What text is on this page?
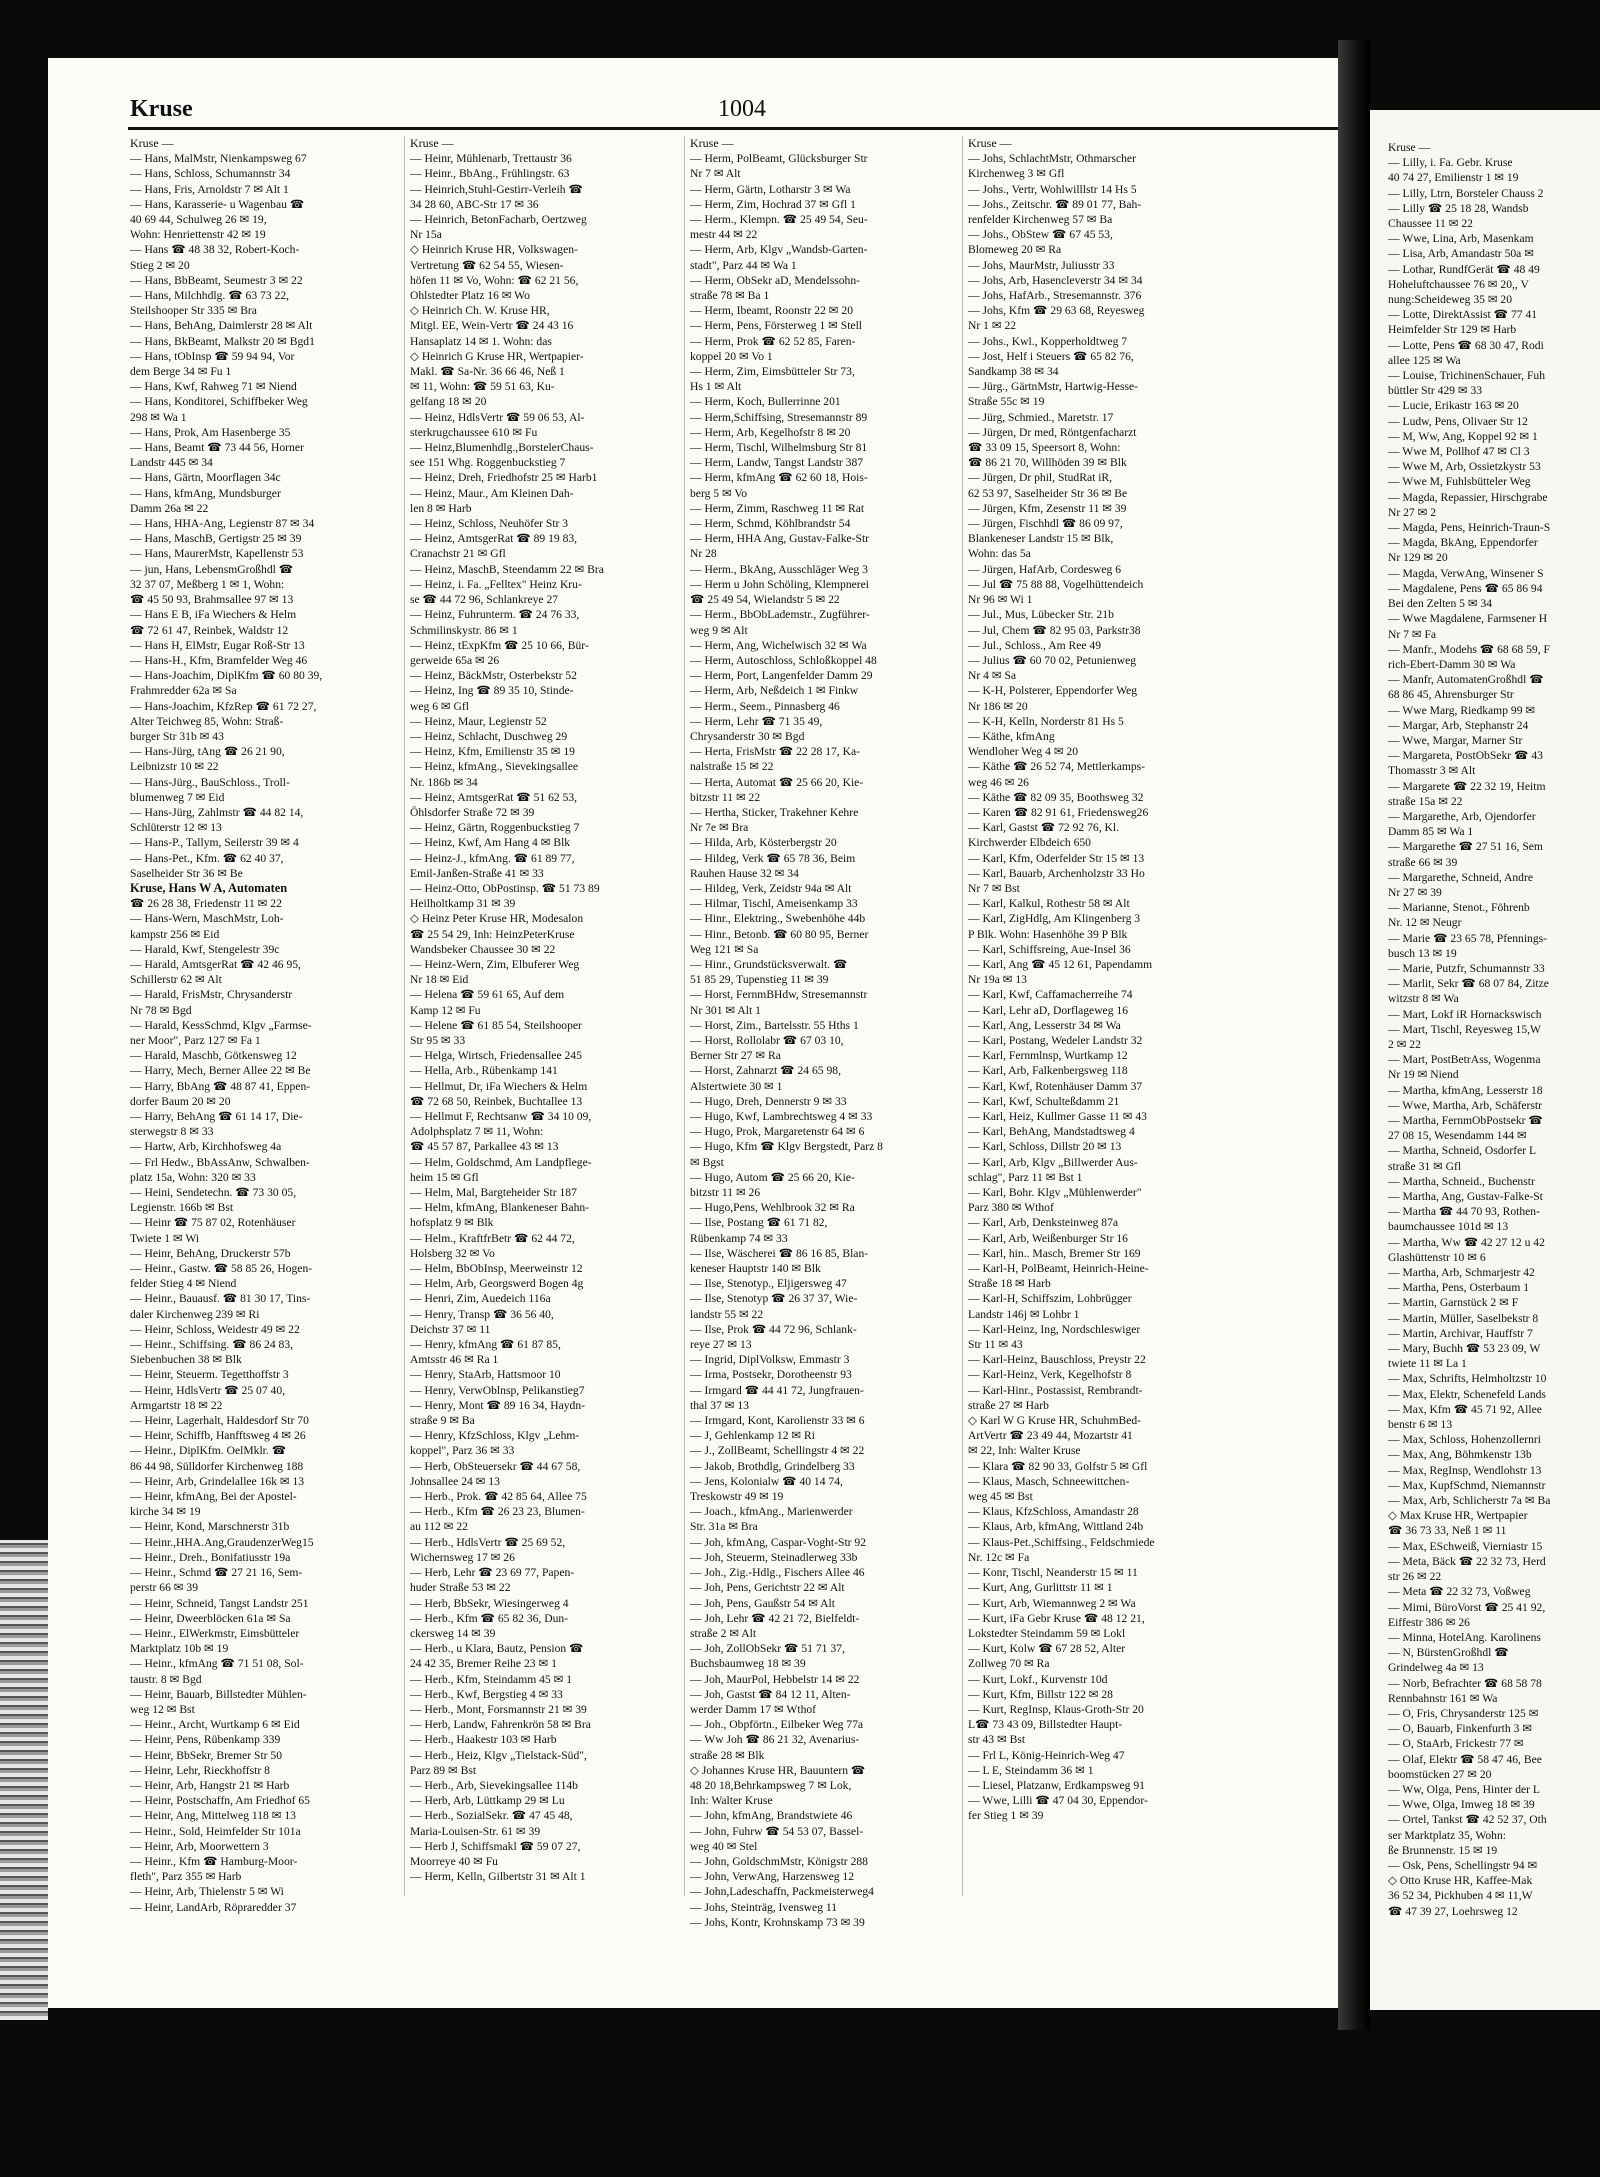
Kruse —
— Lilly, i. Fa. Gebr. Kruse
40 74 27, Emilienstr 1 ✉ 19
— Lilly, Ltrn, Borsteler Chauss 2
— Lilly ☎ 25 18 28, Wandsb
Chaussee 11 ✉ 22
— Wwe, Lina, Arb, Masenkam
— Lisa, Arb, Amandastr 50a ✉
— Lothar, RundfGerät ☎ 48 49
Hoheluftchaussee 76 ✉ 20,, V
nung:Scheideweg 35 ✉ 20
— Lotte, DirektAssist ☎ 77 41
Heimfelder Str 129 ✉ Harb
— Lotte, Pens ☎ 68 30 47, Rodi
allee 125 ✉ Wa
— Louise, TrichinenSchauer, Fuh
büttler Str 429 ✉ 33
— Lucie, Erikastr 163 ✉ 20
— Ludw, Pens, Olivaer Str 12
— M, Ww, Ang, Koppel 92 ✉ 1
— Wwe M, Pollhof 47 ✉ Cl 3
— Wwe M, Arb, Ossietzkystr 53
— Wwe M, Fuhlsbütteler Weg
— Magda, Repassier, Hirschgrabe
Nr 27 ✉ 2
— Magda, Pens, Heinrich-Traun-S
— Magda, BkAng, Eppendorfer
Nr 129 ✉ 20
— Magda, VerwAng, Winsener S
— Magdalene, Pens ☎ 65 86 94
Bei den Zelten 5 ✉ 34
— Wwe Magdalene, Farmsener H
Nr 7 ✉ Fa
— Manfr., Modehs ☎ 68 68 59, F
rich-Ebert-Damm 30 ✉ Wa
— Manfr, AutomatenGroßhdl ☎
68 86 45, Ahrensburger Str
— Wwe Marg, Riedkamp 99 ✉
— Margar, Arb, Stephanstr 24
— Wwe, Margar, Marner Str
— Margareta, PostObSekr ☎ 43
Thomasstr 3 ✉ Alt
— Margarete ☎ 22 32 19, Heitm
straße 15a ✉ 22
— Margarethe, Arb, Ojendorfer
Damm 85 ✉ Wa 1
— Margarethe ☎ 27 51 16, Sem
straße 66 ✉ 39
— Margarethe, Schneid, Andre
Nr 27 ✉ 39
— Marianne, Stenot., Föhrenb
Nr. 12 ✉ Neugr
— Marie ☎ 23 65 78, Pfennings-
busch 13 ✉ 19
— Marie, Putzfr, Schumannstr 33
— Marlit, Sekr ☎ 68 07 84, Zitze
witzstr 8 ✉ Wa
— Mart, Lokf iR Hornackswisch
— Mart, Tischl, Reyesweg 15,W
2 ✉ 22
— Mart, PostBetrAss, Wogenma
Nr 19 ✉ Niend
— Martha, kfmAng, Lesserstr 18
— Wwe, Martha, Arb, Schäferstr
— Martha, FernmObPostsekr ☎
27 08 15, Wesendamm 144 ✉
— Martha, Schneid, Osdorfer L
straße 31 ✉ Gfl
— Martha, Schneid., Buchenstr
— Martha, Ang, Gustav-Falke-St
— Martha ☎ 44 70 93, Rothen-
baumchaussee 101d ✉ 13
— Martha, Ww ☎ 42 27 12 u 42
Glashüttenstr 10 ✉ 6
— Martha, Arb, Schmarjestr 42
— Martha, Pens, Osterbaum 1
— Martin, Garnstück 2 ✉ F
— Martin, Müller, Saselbekstr 8
— Martin, Archivar, Hauffstr 7
— Mary, Buchh ☎ 53 23 09, W
twiete 11 ✉ La 1
— Max, Schrifts, Helmholtzstr 10
— Max, Elektr, Schenefeld Lands
— Max, Kfm ☎ 45 71 92, Allee
benstr 6 ✉ 13
— Max, Schloss, Hohenzollernri
— Max, Ang, Böhmkenstr 13b
— Max, RegInsp, Wendlohstr 13
— Max, KupfSchmd, Niemannstr
— Max, Arb, Schlicherstr 7a ✉ Ba
◇ Max Kruse HR, Wertpapier
☎ 36 73 33, Neß 1 ✉ 11
— Max, ESchweiß, Vierniastr 15
— Meta, Bäck ☎ 22 32 73, Herd
str 26 ✉ 22
— Meta ☎ 22 32 73, Voßweg
— Mimi, BüroVorst ☎ 25 41 92,
Eiffestr 386 ✉ 26
— Minna, HotelAng. Karolinens
— N, BürstenGroßhdl ☎
Grindelweg 4a ✉ 13
— Norb, Befrachter ☎ 68 58 78
Rennbahnstr 161 ✉ Wa
— O, Fris, Chrysanderstr 125 ✉
— O, Bauarb, Finkenfurth 3 ✉
— O, StaArb, Frickestr 77 ✉
— Olaf, Elektr ☎ 58 47 46, Bee
boomstücken 27 ✉ 20
— Ww, Olga, Pens, Hinter der L
— Wwe, Olga, Imweg 18 ✉ 39
— Ortel, Tankst ☎ 42 52 37, Oth
ser Marktplatz 35, Wohn:
ße Brunnenstr. 15 ✉ 19
— Osk, Pens, Schellingstr 94 ✉
◇ Otto Kruse HR, Kaffee-Mak
36 52 34, Pickhuben 4 ✉ 11,W
☎ 47 39 27, Loehrsweg 12
Kruse	1004
Kruse —
— Hans, MalMstr, Nienkampsweg 67
— Hans, Schloss, Schumannstr 34
— Hans, Fris, Arnoldstr 7 ✉ Alt 1
— Hans, Karasserie- u Wagenbau ☎
40 69 44, Schulweg 26 ✉ 19,
Wohn: Henriettenstr 42 ✉ 19
— Hans ☎ 48 38 32, Robert-Koch-
Stieg 2 ✉ 20
— Hans, BbBeamt, Seumestr 3 ✉ 22
— Hans, Milchhdlg. ☎ 63 73 22,
Steilshooper Str 335 ✉ Bra
— Hans, BehAng, Daimlerstr 28 ✉ Alt
— Hans, BkBeamt, Malkstr 20 ✉ Bgd1
— Hans, tObInsp ☎ 59 94 94, Vor
dem Berge 34 ✉ Fu 1
— Hans, Kwf, Rahweg 71 ✉ Niend
— Hans, Konditorei, Schiffbeker Weg
298 ✉ Wa 1
— Hans, Prok, Am Hasenberge 35
— Hans, Beamt ☎ 73 44 56, Horner
Landstr 445 ✉ 34
— Hans, Gärtn, Moorflagen 34c
— Hans, kfmAng, Mundsburger
Damm 26a ✉ 22
— Hans, HHA-Ang, Legienstr 87 ✉ 34
— Hans, MaschB, Gertigstr 25 ✉ 39
— Hans, MaurerMstr, Kapellenstr 53
— jun, Hans, LebensmGroßhdl ☎
32 37 07, Meßberg 1 ✉ 1, Wohn:
☎ 45 50 93, Brahmsallee 97 ✉ 13
— Hans E B, iFa Wiechers & Helm
☎ 72 61 47, Reinbek, Waldstr 12
— Hans H, ElMstr, Eugar Roß-Str 13
— Hans-H., Kfm, Bramfelder Weg 46
— Hans-Joachim, DiplKfm ☎ 60 80 39,
Frahmredder 62a ✉ Sa
— Hans-Joachim, KfzRep ☎ 61 72 27,
Alter Teichweg 85, Wohn: Straß-
burger Str 31b ✉ 43
— Hans-Jürg, tAng ☎ 26 21 90,
Leibnizstr 10 ✉ 22
— Hans-Jürg., BauSchloss., Troll-
blumenweg 7 ✉ Eid
— Hans-Jürg, Zahlmstr ☎ 44 82 14,
Schlüterstr 12 ✉ 13
— Hans-P., Tallym, Seilerstr 39 ✉ 4
— Hans-Pet., Kfm. ☎ 62 40 37,
Saselheider Str 36 ✉ Be
Kruse, Hans W A, Automaten
☎ 26 28 38, Friedenstr 11 ✉ 22
— Hans-Wern, MaschMstr, Loh-
kampstr 256 ✉ Eid
— Harald, Kwf, Stengelestr 39c
— Harald, AmtsgerRat ☎ 42 46 95,
Schillerstr 62 ✉ Alt
— Harald, FrisMstr, Chrysanderstr
Nr 78 ✉ Bgd
— Harald, KessSchmd, Klgv „Farmse-
ner Moor", Parz 127 ✉ Fa 1
— Harald, Maschb, Götkensweg 12
— Harry, Mech, Berner Allee 22 ✉ Be
— Harry, BbAng ☎ 48 87 41, Eppen-
dorfer Baum 20 ✉ 20
— Harry, BehAng ☎ 61 14 17, Die-
sterwegstr 8 ✉ 33
— Hartw, Arb, Kirchhofsweg 4a
— Frl Hedw., BbAssAnw, Schwalben-
platz 15a, Wohn: 320 ✉ 33
— Heini, Sendetechn. ☎ 73 30 05,
Legienstr. 166b ✉ Bst
— Heinr ☎ 75 87 02, Rotenhäuser
Twiete 1 ✉ Wi
— Heinr, BehAng, Druckerstr 57b
— Heinr., Gastw. ☎ 58 85 26, Hogen-
felder Stieg 4 ✉ Niend
— Heinr., Bauausf. ☎ 81 30 17, Tins-
daler Kirchenweg 239 ✉ Ri
— Heinr, Schloss, Weidestr 49 ✉ 22
— Heinr., Schiffsing. ☎ 86 24 83,
Siebenbuchen 38 ✉ Blk
— Heinr, Steuerm. Tegetthoffstr 3
— Heinr, HdlsVertr ☎ 25 07 40,
Armgartstr 18 ✉ 22
— Heinr, Lagerhalt, Haldesdorf Str 70
— Heinr, Schiffb, Hanfftsweg 4 ✉ 26
— Heinr., DiplKfm. OelMklr. ☎
86 44 98, Sülldorfer Kirchenweg 188
— Heinr, Arb, Grindelallee 16k ✉ 13
— Heinr, kfmAng, Bei der Apostel-
kirche 34 ✉ 19
— Heinr, Kond, Marschnerstr 31b
— Heinr.,HHA.Ang,GraudenzerWeg15
— Heinr., Dreh., Bonifatiusstr 19a
— Heinr., Schmd ☎ 27 21 16, Sem-
perstr 66 ✉ 39
— Heinr, Schneid, Tangst Landstr 251
— Heinr, Dweerblöcken 61a ✉ Sa
— Heinr., ElWerkmstr, Eimsbütteler
Marktplatz 10b ✉ 19
— Heinr., kfmAng ☎ 71 51 08, Sol-
taustr. 8 ✉ Bgd
— Heinr, Bauarb, Billstedter Mühlen-
weg 12 ✉ Bst
— Heinr., Archt, Wurtkamp 6 ✉ Eid
— Heinr, Pens, Rübenkamp 339
— Heinr, BbSekr, Bremer Str 50
— Heinr, Lehr, Rieckhoffstr 8
— Heinr, Arb, Hangstr 21 ✉ Harb
— Heinr, Postschaffn, Am Friedhof 65
— Heinr, Ang, Mittelweg 118 ✉ 13
— Heinr., Sold, Heimfelder Str 101a
— Heinr, Arb, Moorwettern 3
— Heinr., Kfm ☎ Hamburg-Moor-
fleth", Parz 355 ✉ Harb
— Heinr, Arb, Thielenstr 5 ✉ Wi
— Heinr, LandArb, Röpraredder 37
Kruse —
— Heinr, Mühlenarb, Trettaustr 36
— Heinr., BbAng., Frühlingstr. 63
— Heinrich,Stuhl-Gestirr-Verleih ☎
34 28 60, ABC-Str 17 ✉ 36
— Heinrich, BetonFacharb, Oertzweg
Nr 15a
◇ Heinrich Kruse HR, Volkswagen-
Vertretung ☎ 62 54 55, Wiesen-
höfen 11 ✉ Vo, Wohn: ☎ 62 21 56,
Ohlstedter Platz 16 ✉ Wo
◇ Heinrich Ch. W. Kruse HR,
Mitgl. EE, Wein-Vertr ☎ 24 43 16
Hansaplatz 14 ✉ 1. Wohn: das
◇ Heinrich G Kruse HR, Wertpapier-
Makl. ☎ Sa-Nr. 36 66 46, Neß 1
✉ 11, Wohn: ☎ 59 51 63, Ku-
gelfang 18 ✉ 20
— Heinz, HdlsVertr ☎ 59 06 53, Al-
sterkrugchaussee 610 ✉ Fu
— Heinz,Blumenhdlg.,BorstelerChaus-
see 151 Whg. Roggenbuckstieg 7
— Heinz, Dreh, Friedhofstr 25 ✉ Harb1
— Heinz, Maur., Am Kleinen Dah-
len 8 ✉ Harb
— Heinz, Schloss, Neuhöfer Str 3
— Heinz, AmtsgerRat ☎ 89 19 83,
Cranachstr 21 ✉ Gfl
— Heinz, MaschB, Steendamm 22 ✉ Bra
— Heinz, i. Fa. „Felltex" Heinz Kru-
se ☎ 44 72 96, Schlankreye 27
— Heinz, Fuhrunterm. ☎ 24 76 33,
Schmilinskystr. 86 ✉ 1
— Heinz, tExpKfm ☎ 25 10 66, Bür-
gerweide 65a ✉ 26
— Heinz, BäckMstr, Osterbekstr 52
— Heinz, Ing ☎ 89 35 10, Stinde-
weg 6 ✉ Gfl
— Heinz, Maur, Legienstr 52
— Heinz, Schlacht, Duschweg 29
— Heinz, Kfm, Emilienstr 35 ✉ 19
— Heinz, kfmAng., Sievekingsallee
Nr. 186b ✉ 34
— Heinz, AmtsgerRat ☎ 51 62 53,
Öhlsdorfer Straße 72 ✉ 39
— Heinz, Gärtn, Roggenbuckstieg 7
— Heinz, Kwf, Am Hang 4 ✉ Blk
— Heinz-J., kfmAng. ☎ 61 89 77,
Emil-Janßen-Straße 41 ✉ 33
— Heinz-Otto, ObPostinsp. ☎ 51 73 89
Heilholtkamp 31 ✉ 39
◇ Heinz Peter Kruse HR, Modesalon
☎ 25 54 29, Inh: HeinzPeterKruse
Wandsbeker Chaussee 30 ✉ 22
— Heinz-Wern, Zim, Elbuferer Weg
Nr 18 ✉ Eid
— Helena ☎ 59 61 65, Auf dem
Kamp 12 ✉ Fu
— Helene ☎ 61 85 54, Steilshooper
Str 95 ✉ 33
— Helga, Wirtsch, Friedensallee 245
— Hella, Arb., Rübenkamp 141
— Hellmut, Dr, iFa Wiechers & Helm
☎ 72 68 50, Reinbek, Buchtallee 13
— Hellmut F, Rechtsanw ☎ 34 10 09,
Adolphsplatz 7 ✉ 11, Wohn:
☎ 45 57 87, Parkallee 43 ✉ 13
— Helm, Goldschmd, Am Landpflege-
heim 15 ✉ Gfl
— Helm, Mal, Bargteheider Str 187
— Helm, kfmAng, Blankeneser Bahn-
hofsplatz 9 ✉ Blk
— Helm., KraftfrBetr ☎ 62 44 72,
Holsberg 32 ✉ Vo
— Helm, BbObInsp, Meerweinstr 12
— Helm, Arb, Georgswerd Bogen 4g
— Henri, Zim, Auedeich 116a
— Henry, Transp ☎ 36 56 40,
Deichstr 37 ✉ 11
— Henry, kfmAng ☎ 61 87 85,
Amtsstr 46 ✉ Ra 1
— Henry, StaArb, Hattsmoor 10
— Henry, VerwOblnsp, Pelikanstieg7
— Henry, Mont ☎ 89 16 34, Haydn-
straße 9 ✉ Ba
— Henry, KfzSchloss, Klgv „Lehm-
koppel", Parz 36 ✉ 33
— Herb, ObSteuersekr ☎ 44 67 58,
Johnsallee 24 ✉ 13
— Herb., Prok. ☎ 42 85 64, Allee 75
— Herb., Kfm ☎ 26 23 23, Blumen-
au 112 ✉ 22
— Herb., HdlsVertr ☎ 25 69 52,
Wichernsweg 17 ✉ 26
— Herb, Lehr ☎ 23 69 77, Papen-
huder Straße 53 ✉ 22
— Herb, BbSekr, Wiesingerweg 4
— Herb., Kfm ☎ 65 82 36, Dun-
ckersweg 14 ✉ 39
— Herb., u Klara, Bautz, Pension ☎
24 42 35, Bremer Reihe 23 ✉ 1
— Herb., Kfm, Steindamm 45 ✉ 1
— Herb., Kwf, Bergstieg 4 ✉ 33
— Herb., Mont, Forsmannstr 21 ✉ 39
— Herb, Landw, Fahrenkrön 58 ✉ Bra
— Herb., Haakestr 103 ✉ Harb
— Herb., Heiz, Klgv „Tielstack-Süd",
Parz 89 ✉ Bst
— Herb., Arb, Sievekingsallee 114b
— Herb, Arb, Lüttkamp 29 ✉ Lu
— Herb., SozialSekr. ☎ 47 45 48,
Maria-Louisen-Str. 61 ✉ 39
— Herb J, Schiffsmakl ☎ 59 07 27,
Moorreye 40 ✉ Fu
— Herm, Kelln, Gilbertstr 31 ✉ Alt 1
Kruse —
— Herm, PolBeamt, Glücksburger Str
Nr 7 ✉ Alt
— Herm, Gärtn, Lotharstr 3 ✉ Wa
— Herm, Zim, Hochrad 37 ✉ Gfl 1
— Herm., Klempn. ☎ 25 49 54, Seu-
mestr 44 ✉ 22
— Herm, Arb, Klgv „Wandsb-Garten-
stadt", Parz 44 ✉ Wa 1
— Herm, ObSekr aD, Mendelssohn-
straße 78 ✉ Ba 1
— Herm, Ibeamt, Roonstr 22 ✉ 20
— Herm, Pens, Försterweg 1 ✉ Stell
— Herm, Prok ☎ 62 52 85, Faren-
koppel 20 ✉ Vo 1
— Herm, Zim, Eimsbütteler Str 73,
Hs 1 ✉ Alt
— Herm, Koch, Bullerrinne 201
— Herm,Schiffsing, Stresemannstr 89
— Herm, Arb, Kegelhofstr 8 ✉ 20
— Herm, Tischl, Wilhelmsburg Str 81
— Herm, Landw, Tangst Landstr 387
— Herm, kfmAng ☎ 62 60 18, Hois-
berg 5 ✉ Vo
— Herm, Zimm, Raschweg 11 ✉ Rat
— Herm, Schmd, Köhlbrandstr 54
— Herm, HHA Ang, Gustav-Falke-Str
Nr 28
— Herm., BkAng, Ausschläger Weg 3
— Herm u John Schöling, Klempnerei
☎ 25 49 54, Wielandstr 5 ✉ 22
— Herm., BbObLademstr., Zugführer-
weg 9 ✉ Alt
— Herm, Ang, Wichelwisch 32 ✉ Wa
— Herm, Autoschloss, Schloßkoppel 48
— Herm, Port, Langenfelder Damm 29
— Herm, Arb, Neßdeich 1 ✉ Finkw
— Herm., Seem., Pinnasberg 46
— Herm, Lehr ☎ 71 35 49,
Chrysanderstr 30 ✉ Bgd
— Herta, FrisMstr ☎ 22 28 17, Ka-
nalstraße 15 ✉ 22
— Herta, Automat ☎ 25 66 20, Kie-
bitzstr 11 ✉ 22
— Hertha, Sticker, Trakehner Kehre
Nr 7e ✉ Bra
— Hilda, Arb, Kösterbergstr 20
— Hildeg, Verk ☎ 65 78 36, Beim
Rauhen Hause 32 ✉ 34
— Hildeg, Verk, Zeidstr 94a ✉ Alt
— Hilmar, Tischl, Ameisenkamp 33
— Hinr., Elektring., Swebenhöhe 44b
— Hinr., Betonb. ☎ 60 80 95, Berner
Weg 121 ✉ Sa
— Hinr., Grundstücksverwalt. ☎
51 85 29, Tupenstieg 11 ✉ 39
— Horst, FernmBHdw, Stresemannstr
Nr 301 ✉ Alt 1
— Horst, Zim., Bartelsstr. 55 Hths 1
— Horst, Rollolabr ☎ 67 03 10,
Berner Str 27 ✉ Ra
— Horst, Zahnarzt ☎ 24 65 98,
Alstertwiete 30 ✉ 1
— Hugo, Dreh, Dennerstr 9 ✉ 33
— Hugo, Kwf, Lambrechtsweg 4 ✉ 33
— Hugo, Prok, Margaretenstr 64 ✉ 6
— Hugo, Kfm ☎ Klgv Bergstedt, Parz 8
✉ Bgst
— Hugo, Autom ☎ 25 66 20, Kie-
bitzstr 11 ✉ 26
— Hugo,Pens, Wehlbrook 32 ✉ Ra
— Ilse, Postang ☎ 61 71 82,
Rübenkamp 74 ✉ 33
— Ilse, Wäscherei ☎ 86 16 85, Blan-
keneser Hauptstr 140 ✉ Blk
— Ilse, Stenotyp., Eljigersweg 47
— Ilse, Stenotyp ☎ 26 37 37, Wie-
landstr 55 ✉ 22
— Ilse, Prok ☎ 44 72 96, Schlank-
reye 27 ✉ 13
— Ingrid, DiplVolksw, Emmastr 3
— Irma, Postsekr, Dorotheenstr 93
— Irmgard ☎ 44 41 72, Jungfrauen-
thal 37 ✉ 13
— Irmgard, Kont, Karolienstr 33 ✉ 6
— J, Gehlenkamp 12 ✉ Ri
— J., ZollBeamt, Schellingstr 4 ✉ 22
— Jakob, Brothdlg, Grindelberg 33
— Jens, Kolonialw ☎ 40 14 74,
Treskowstr 49 ✉ 19
— Joach., kfmAng., Marienwerder
Str. 31a ✉ Bra
— Joh, kfmAng, Caspar-Voght-Str 92
— Joh, Steuerm, Steinadlerweg 33b
— Joh., Zig.-Hdlg., Fischers Allee 46
— Joh, Pens, Gerichtstr 22 ✉ Alt
— Joh, Pens, Gaußstr 54 ✉ Alt
— Joh, Lehr ☎ 42 21 72, Bielfeldt-
straße 2 ✉ Alt
— Joh, ZollObSekr ☎ 51 71 37,
Buchsbaumweg 18 ✉ 39
— Joh, MaurPol, Hebbelstr 14 ✉ 22
— Joh, Gastst ☎ 84 12 11, Alten-
werder Damm 17 ✉ Wthof
— Joh., Obpförtn., Eilbeker Weg 77a
— Ww Joh ☎ 86 21 32, Avenarius-
straße 28 ✉ Blk
◇ Johannes Kruse HR, Bauuntern ☎
48 20 18,Behrkampsweg 7 ✉ Lok,
Inh: Walter Kruse
— John, kfmAng, Brandstwiete 46
— John, Fuhrw ☎ 54 53 07, Bassel-
weg 40 ✉ Stel
— John, GoldschmMstr, Königstr 288
— John, VerwAng, Harzensweg 12
— John,Ladeschaffn, Packmeisterweg4
— Johs, Steinträg, Ivensweg 11
— Johs, Kontr, Krohnskamp 73 ✉ 39
Kruse —
— Johs, SchlachtMstr, Othmarscher
Kirchenweg 3 ✉ Gfl
— Johs., Vertr, Wohlwilllstr 14 Hs 5
— Johs., Zeitschr. ☎ 89 01 77, Bah-
renfelder Kirchenweg 57 ✉ Ba
— Johs., ObStew ☎ 67 45 53,
Blomeweg 20 ✉ Ra
— Johs, MaurMstr, Juliusstr 33
— Johs, Arb, Hasencleverstr 34 ✉ 34
— Johs, HafArb., Stresemannstr. 376
— Johs, Kfm ☎ 29 63 68, Reyesweg
Nr 1 ✉ 22
— Johs., Kwl., Kopperholdtweg 7
— Jost, Helf i Steuers ☎ 65 82 76,
Sandkamp 38 ✉ 34
— Jürg., GärtnMstr, Hartwig-Hesse-
Straße 55c ✉ 19
— Jürg, Schmied., Maretstr. 17
— Jürgen, Dr med, Röntgenfacharzt
☎ 33 09 15, Speersort 8, Wohn:
☎ 86 21 70, Willhöden 39 ✉ Blk
— Jürgen, Dr phil, StudRat iR,
62 53 97, Saselheider Str 36 ✉ Be
— Jürgen, Kfm, Zesenstr 11 ✉ 39
— Jürgen, Fischhdl ☎ 86 09 97,
Blankeneser Landstr 15 ✉ Blk,
Wohn: das 5a
— Jürgen, HafArb, Cordesweg 6
— Jul ☎ 75 88 88, Vogelhüttendeich
Nr 96 ✉ Wi 1
— Jul., Mus, Lübecker Str. 21b
— Jul, Chem ☎ 82 95 03, Parkstr38
— Jul., Schloss., Am Ree 49
— Julius ☎ 60 70 02, Petunienweg
Nr 4 ✉ Sa
— K-H, Polsterer, Eppendorfer Weg
Nr 186 ✉ 20
— K-H, Kelln, Norderstr 81 Hs 5
— Käthe, kfmAng
Wendloher Weg 4 ✉ 20
— Käthe ☎ 26 52 74, Mettlerkamps-
weg 46 ✉ 26
— Käthe ☎ 82 09 35, Boothsweg 32
— Karen ☎ 82 91 61, Friedensweg26
— Karl, Gastst ☎ 72 92 76, Kl.
Kirchwerder Elbdeich 650
— Karl, Kfm, Oderfelder Str 15 ✉ 13
— Karl, Bauarb, Archenholzstr 33 Ho
Nr 7 ✉ Bst
— Karl, Kalkul, Rothestr 58 ✉ Alt
— Karl, ZigHdlg, Am Klingenberg 3
P Blk. Wohn: Hasenhöhe 39 P Blk
— Karl, Schiffsreing, Aue-Insel 36
— Karl, Ang ☎ 45 12 61, Papendamm
Nr 19a ✉ 13
— Karl, Kwf, Caffamacherreihe 74
— Karl, Lehr aD, Dorflageweg 16
— Karl, Ang, Lesserstr 34 ✉ Wa
— Karl, Postang, Wedeler Landstr 32
— Karl, Fernmlnsp, Wurtkamp 12
— Karl, Arb, Falkenbergsweg 118
— Karl, Kwf, Rotenhäuser Damm 37
— Karl, Kwf, Schulteßdamm 21
— Karl, Heiz, Kullmer Gasse 11 ✉ 43
— Karl, BehAng, Mandstadtsweg 4
— Karl, Schloss, Dillstr 20 ✉ 13
— Karl, Arb, Klgv „Billwerder Aus-
schlag", Parz 11 ✉ Bst 1
— Karl, Bohr. Klgv „Mühlenwerder"
Parz 380 ✉ Wthof
— Karl, Arb, Denksteinweg 87a
— Karl, Arb, Weißenburger Str 16
— Karl, hin.. Masch, Bremer Str 169
— Karl-H, PolBeamt, Heinrich-Heine-
Straße 18 ✉ Harb
— Karl-H, Schiffszim, Lohbrügger
Landstr 146j ✉ Lohbr 1
— Karl-Heinz, Ing, Nordschleswiger
Str 11 ✉ 43
— Karl-Heinz, Bauschloss, Preystr 22
— Karl-Heinz, Verk, Kegelhofstr 8
— Karl-Hinr., Postassist, Rembrandt-
straße 27 ✉ Harb
◇ Karl W G Kruse HR, SchuhmBed-
ArtVertr ☎ 23 49 44, Mozartstr 41
✉ 22, Inh: Walter Kruse
— Klara ☎ 82 90 33, Golfstr 5 ✉ Gfl
— Klaus, Masch, Schneewittchen-
weg 45 ✉ Bst
— Klaus, KfzSchloss, Amandastr 28
— Klaus, Arb, kfmAng, Wittland 24b
— Klaus-Pet.,Schiffsing., Feldschmiede
Nr. 12c ✉ Fa
— Konr, Tischl, Neanderstr 15 ✉ 11
— Kurt, Ang, Gurlittstr 11 ✉ 1
— Kurt, Arb, Wiemannweg 2 ✉ Wa
— Kurt, iFa Gebr Kruse ☎ 48 12 21,
Lokstedter Steindamm 59 ✉ Lokl
— Kurt, Kolw ☎ 67 28 52, Alter
Zollweg 70 ✉ Ra
— Kurt, Lokf., Kurvenstr 10d
— Kurt, Kfm, Billstr 122 ✉ 28
— Kurt, RegInsp, Klaus-Groth-Str 20
L☎ 73 43 09, Billstedter Haupt-
str 43 ✉ Bst
— Frl L, König-Heinrich-Weg 47
— L E, Steindamm 36 ✉ 1
— Liesel, Platzanw, Erdkampsweg 91
— Wwe, Lilli ☎ 47 04 30, Eppendor-
fer Stieg 1 ✉ 39
